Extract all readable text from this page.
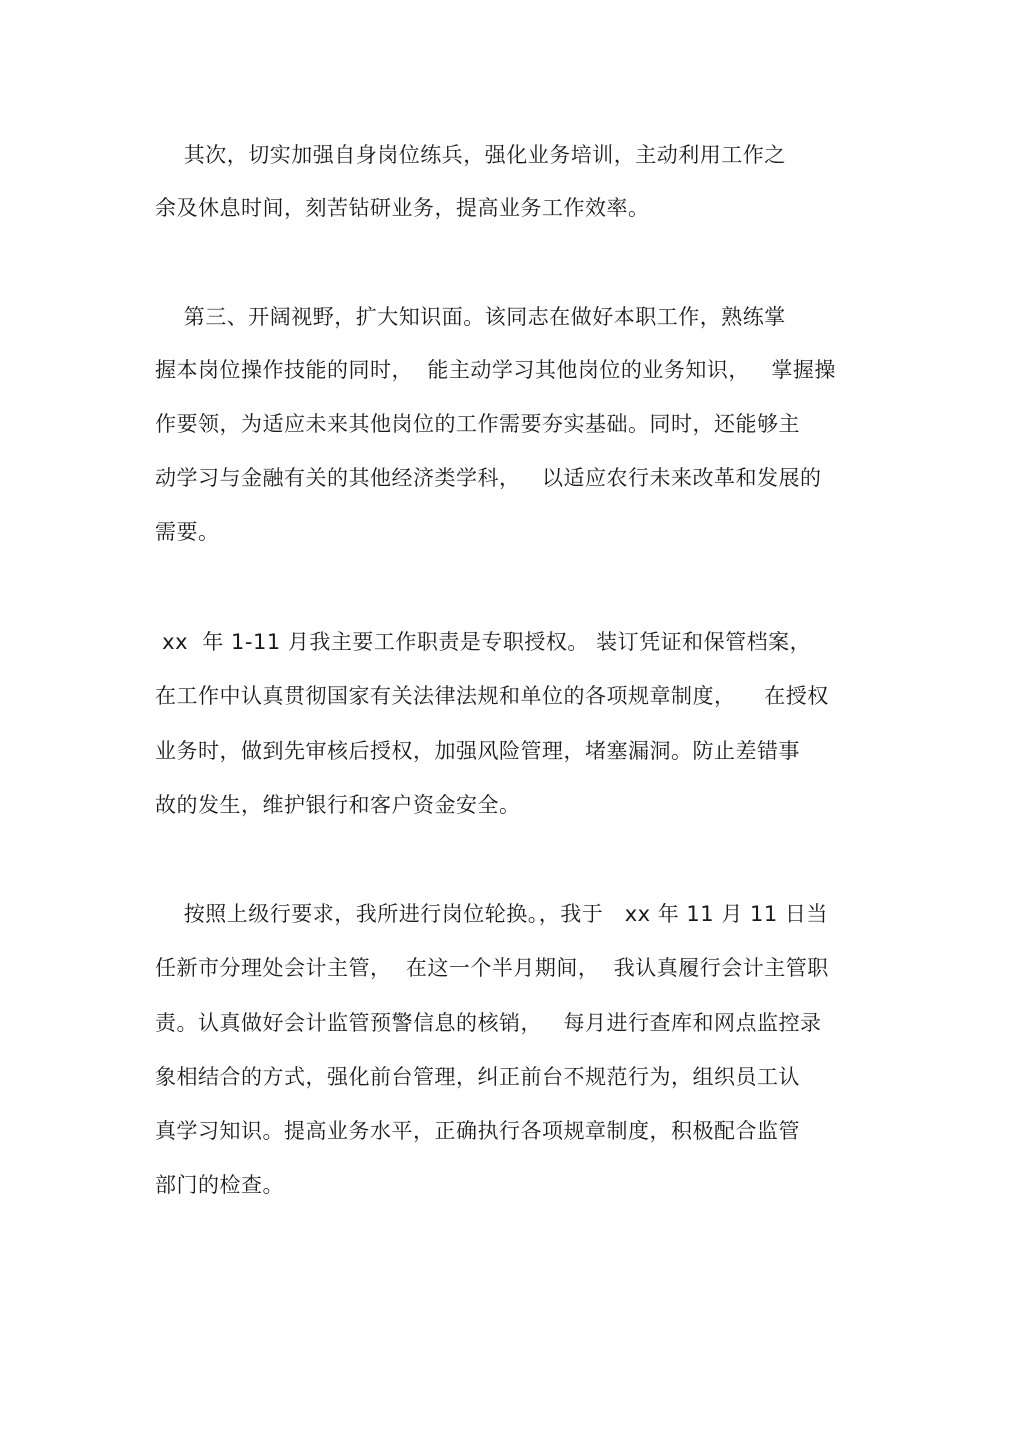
其次，切实加强自身岗位练兵，强化业务培训，主动利用工作之
余及休息时间，刻苦钻研业务，提高业务工作效率。
第三、开阔视野，扩大知识面。该同志在做好本职工作，熟练掌
握本岗位操作技能的同时，  能主动学习其他岗位的业务知识，   掌握操
作要领，为适应未来其他岗位的工作需要夯实基础。同时，还能够主
动学习与金融有关的其他经济类学科，   以适应农行未来改革和发展的
需要。
xx  年 1-11 月我主要工作职责是专职授权。 装订凭证和保管档案，
在工作中认真贯彻国家有关法律法规和单位的各项规章制度，    在授权
业务时，做到先审核后授权，加强风险管理，堵塞漏洞。防止差错事
故的发生，维护银行和客户资金安全。
按照上级行要求，我所进行岗位轮换。，我于   xx 年 11 月 11 日当
任新市分理处会计主管，  在这一个半月期间，  我认真履行会计主管职
责。认真做好会计监管预警信息的核销，   每月进行查库和网点监控录
象相结合的方式，强化前台管理，纠正前台不规范行为，组织员工认
真学习知识。提高业务水平，正确执行各项规章制度，积极配合监管
部门的检查。
